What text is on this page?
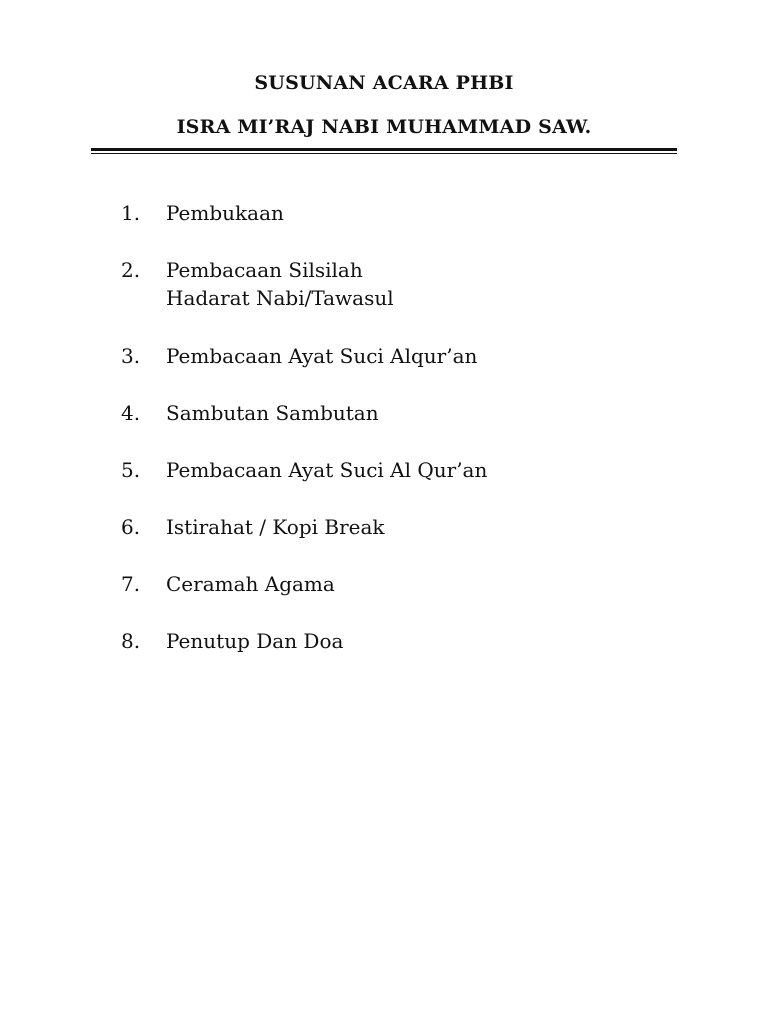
SUSUNAN ACARA PHBI
ISRA MI’RAJ NABI MUHAMMAD SAW.
1. Pembukaan
2. Pembacaan Silsilah
Hadarat Nabi/Tawasul
3. Pembacaan Ayat Suci Alqur’an
4. Sambutan Sambutan
5. Pembacaan Ayat Suci Al Qur’an
6. Istirahat / Kopi Break
7. Ceramah Agama
8. Penutup Dan Doa
